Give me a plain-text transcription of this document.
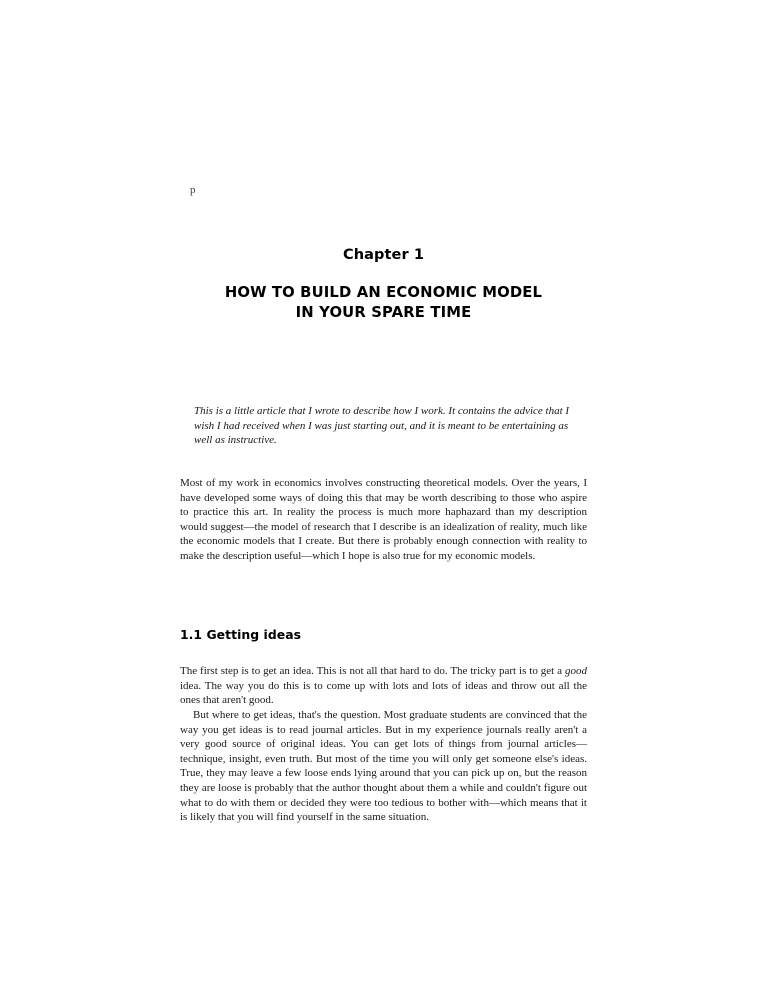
p
Chapter 1
HOW TO BUILD AN ECONOMIC MODEL
IN YOUR SPARE TIME
This is a little article that I wrote to describe how I work. It contains the advice that I wish I had received when I was just starting out, and it is meant to be entertaining as well as instructive.

Most of my work in economics involves constructing theoretical models. Over the years, I have developed some ways of doing this that may be worth describing to those who aspire to practice this art. In reality the process is much more haphazard than my description would suggest—the model of research that I describe is an idealization of reality, much like the economic models that I create. But there is probably enough connection with reality to make the description useful—which I hope is also true for my economic models.

1.1 Getting ideas

The first step is to get an idea. This is not all that hard to do. The tricky part is to get a good idea. The way you do this is to come up with lots and lots of ideas and throw out all the ones that aren't good.

But where to get ideas, that's the question. Most graduate students are convinced that the way you get ideas is to read journal articles. But in my experience journals really aren't a very good source of original ideas. You can get lots of things from journal articles—technique, insight, even truth. But most of the time you will only get someone else's ideas. True, they may leave a few loose ends lying around that you can pick up on, but the reason they are loose is probably that the author thought about them a while and couldn't figure out what to do with them or decided they were too tedious to bother with—which means that it is likely that you will find yourself in the same situation.
